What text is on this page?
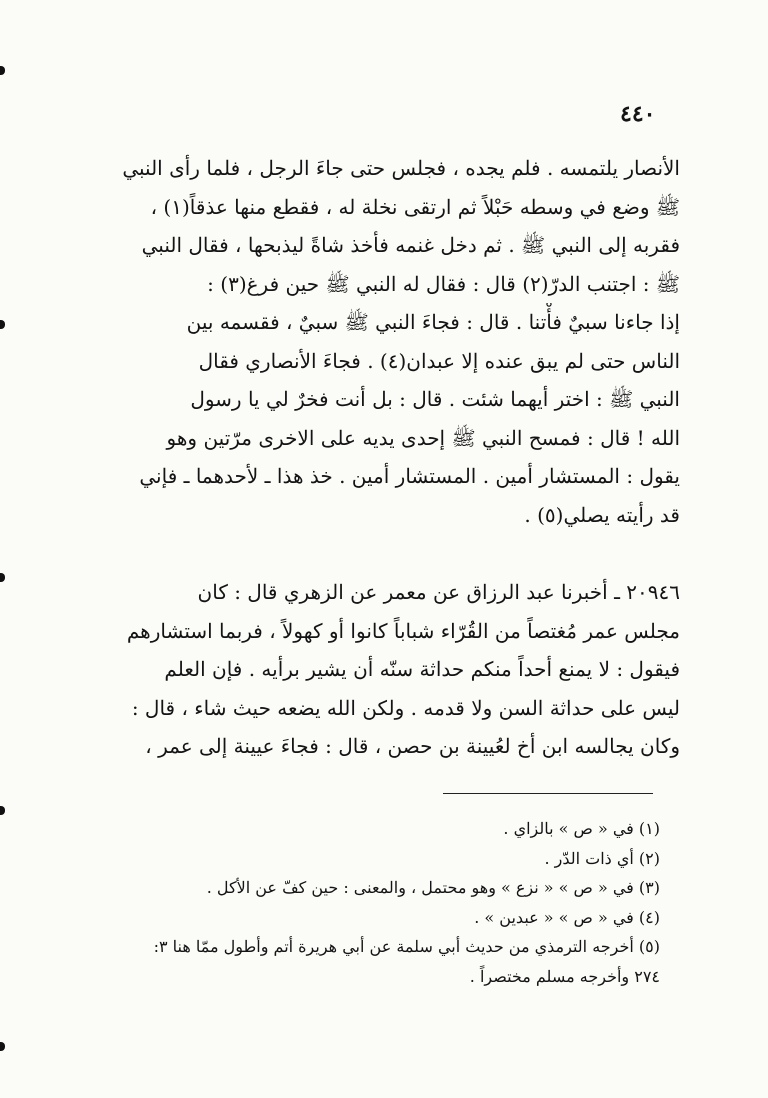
٤٤٠
الأنصار يلتمسه . فلم يجده ، فجلس حتى جاءَ الرجل ، فلما رأى النبي
ﷺ وضع في وسطه حَبْلاً ثم ارتقى نخلة له ، فقطع منها عذقاً(١) ،
فقربه إلى النبي ﷺ . ثم دخل غنمه فأخذ شاةً ليذبحها ، فقال النبي
ﷺ : اجتنب الدرّ(٢) قال : فقال له النبي ﷺ حين فرغ(٣) :
إذا جاءنا سبيٌ فأْتنا . قال : فجاءَ النبي ﷺ سبيٌ ، فقسمه بين
الناس حتى لم يبق عنده إلا عبدان(٤) . فجاءَ الأنصاري فقال
النبي ﷺ : اختر أيهما شئت . قال : بل أنت فخرٌ لي يا رسول
الله ! قال : فمسح النبي ﷺ إحدى يديه على الاخرى مرّتين وهو
يقول : المستشار أمين . المستشار أمين . خذ هذا ـ لأحدهما ـ فإني
قد رأيته يصلي(٥) .
٢٠٩٤٦ ـ أخبرنا عبد الرزاق عن معمر عن الزهري قال : كان
مجلس عمر مُغتصاً من القُرّاء شباباً كانوا أو كهولاً ، فربما استشارهم
فيقول : لا يمنع أحداً منكم حداثة سنّه أن يشير برأيه . فإن العلم
ليس على حداثة السن ولا قدمه . ولكن الله يضعه حيث شاء ، قال :
وكان يجالسه ابن أخ لعُيينة بن حصن ، قال : فجاءَ عيينة إلى عمر ،
(١) في « ص » بالزاي .
(٢) أي ذات الدّر .
(٣) في « ص » « نزع » وهو محتمل ، والمعنى : حين كفّ عن الأكل .
(٤) في « ص » « عبدين » .
(٥) أخرجه الترمذي من حديث أبي سلمة عن أبي هريرة أتم وأطول ممّا هنا ٣:
٢٧٤ وأخرجه مسلم مختصراً .
